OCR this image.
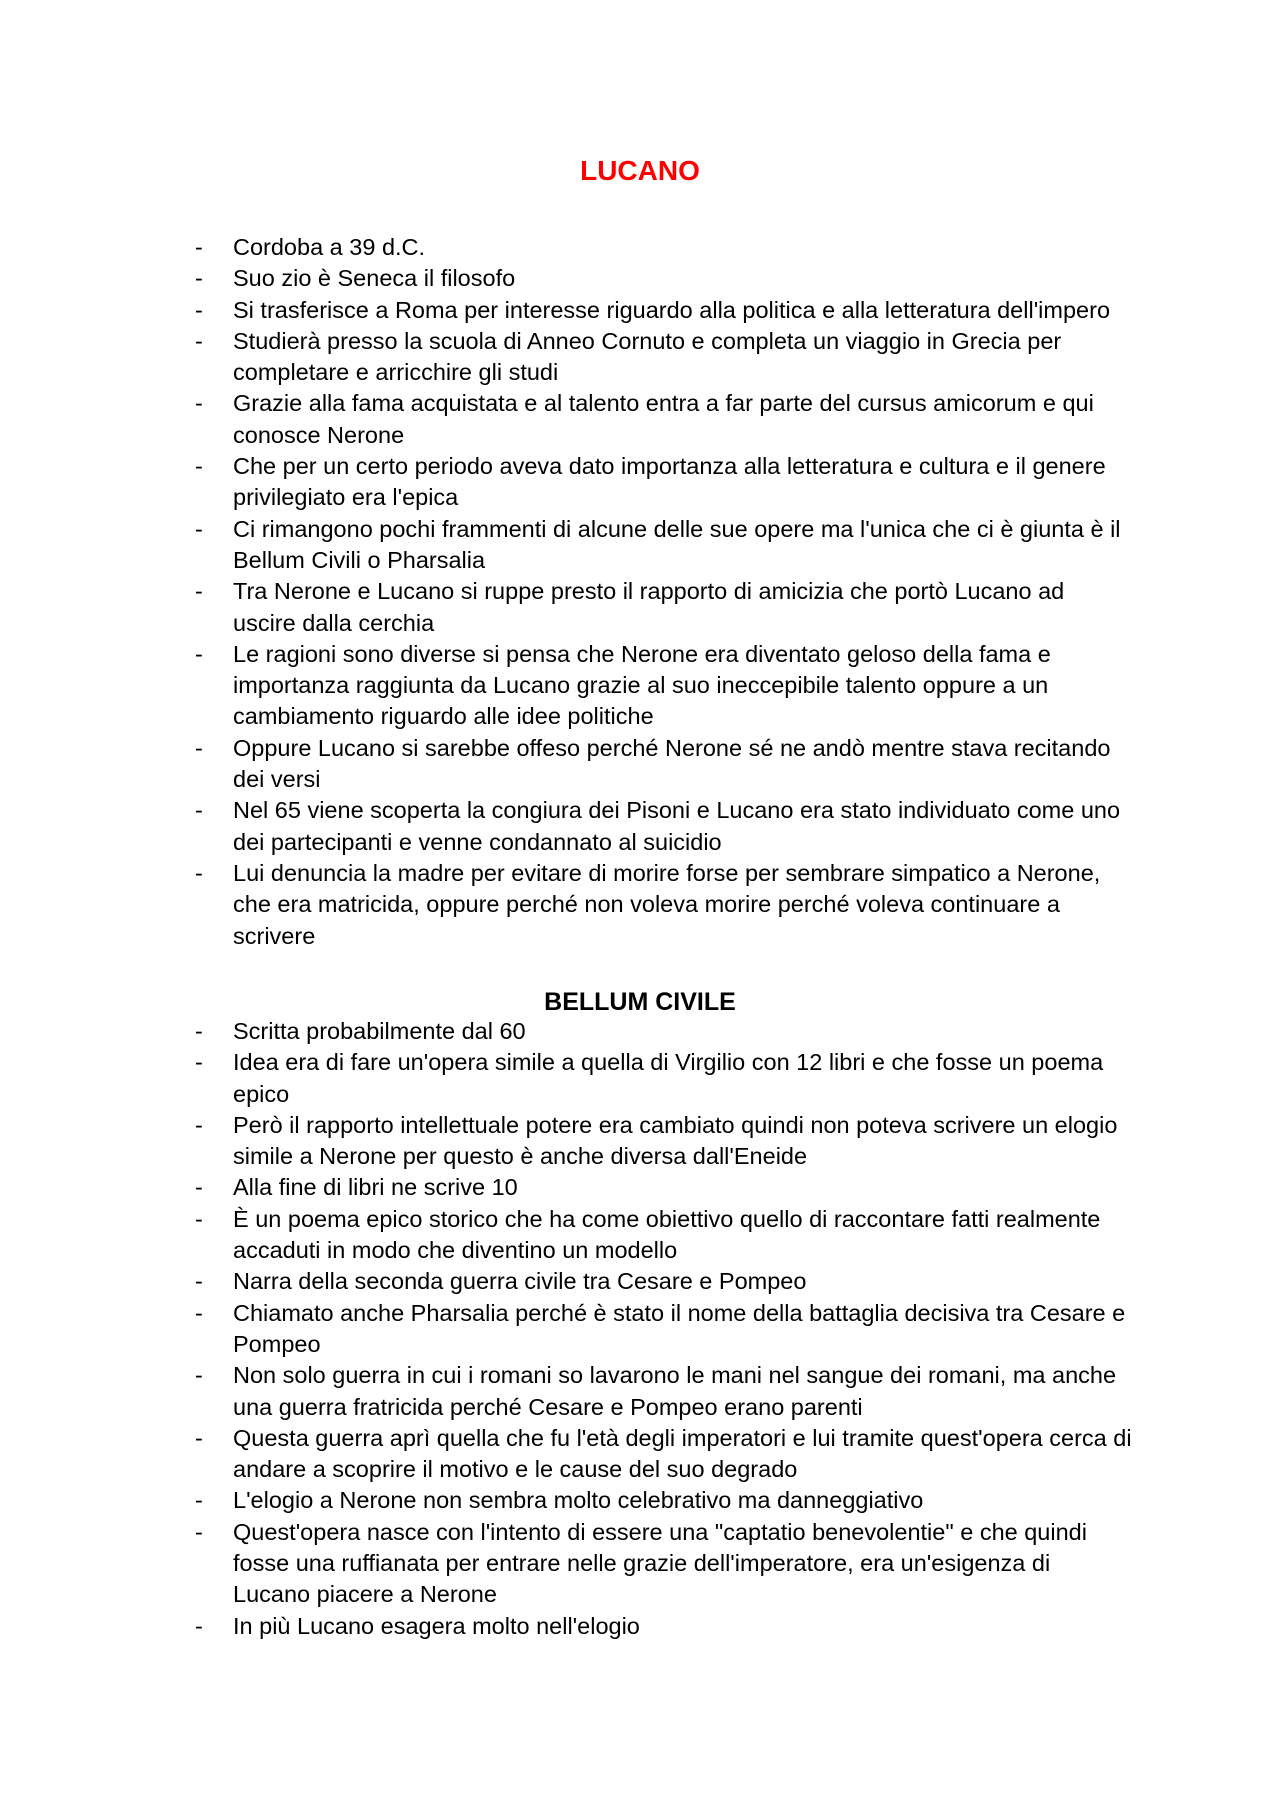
LUCANO
- Cordoba a 39 d.C.
- Suo zio è Seneca il filosofo
- Si trasferisce a Roma per interesse riguardo alla politica e alla letteratura dell'impero
- Studierà presso la scuola di Anneo Cornuto e completa un viaggio in Grecia per completare e arricchire gli studi
- Grazie alla fama acquistata e al talento entra a far parte del cursus amicorum e qui conosce Nerone
- Che per un certo periodo aveva dato importanza alla letteratura e cultura e il genere privilegiato era l'epica
- Ci rimangono pochi frammenti di alcune delle sue opere ma l'unica che ci è giunta è il Bellum Civili o Pharsalia
- Tra Nerone e Lucano si ruppe presto il rapporto di amicizia che portò Lucano ad uscire dalla cerchia
- Le ragioni sono diverse si pensa che Nerone era diventato geloso della fama e importanza raggiunta da Lucano grazie al suo ineccepibile talento oppure a un cambiamento riguardo alle idee politiche
- Oppure Lucano si sarebbe offeso perché Nerone sé ne andò mentre stava recitando dei versi
- Nel 65 viene scoperta la congiura dei Pisoni e Lucano era stato individuato come uno dei partecipanti e venne condannato al suicidio
- Lui denuncia la madre per evitare di morire forse per sembrare simpatico a Nerone, che era matricida, oppure perché non voleva morire perché voleva continuare a scrivere
BELLUM CIVILE
- Scritta probabilmente dal 60
- Idea era di fare un'opera simile a quella di Virgilio con 12 libri e che fosse un poema epico
- Però il rapporto intellettuale potere era cambiato quindi non poteva scrivere un elogio simile a Nerone per questo è anche diversa dall'Eneide
- Alla fine di libri ne scrive 10
- È un poema epico storico che ha come obiettivo quello di raccontare fatti realmente accaduti in modo che diventino un modello
- Narra della seconda guerra civile tra Cesare e Pompeo
- Chiamato anche Pharsalia perché è stato il nome della battaglia decisiva tra Cesare e Pompeo
- Non solo guerra in cui i romani so lavarono le mani nel sangue dei romani, ma anche una guerra fratricida perché Cesare e Pompeo erano parenti
- Questa guerra aprì quella che fu l'età degli imperatori e lui tramite quest'opera cerca di andare a scoprire il motivo e le cause del suo degrado
- L'elogio a Nerone non sembra molto celebrativo ma danneggiativo
- Quest'opera nasce con l'intento di essere una "captatio benevolentie" e che quindi fosse una ruffianata per entrare nelle grazie dell'imperatore, era un'esigenza di Lucano piacere a Nerone
- In più Lucano esagera molto nell'elogio
